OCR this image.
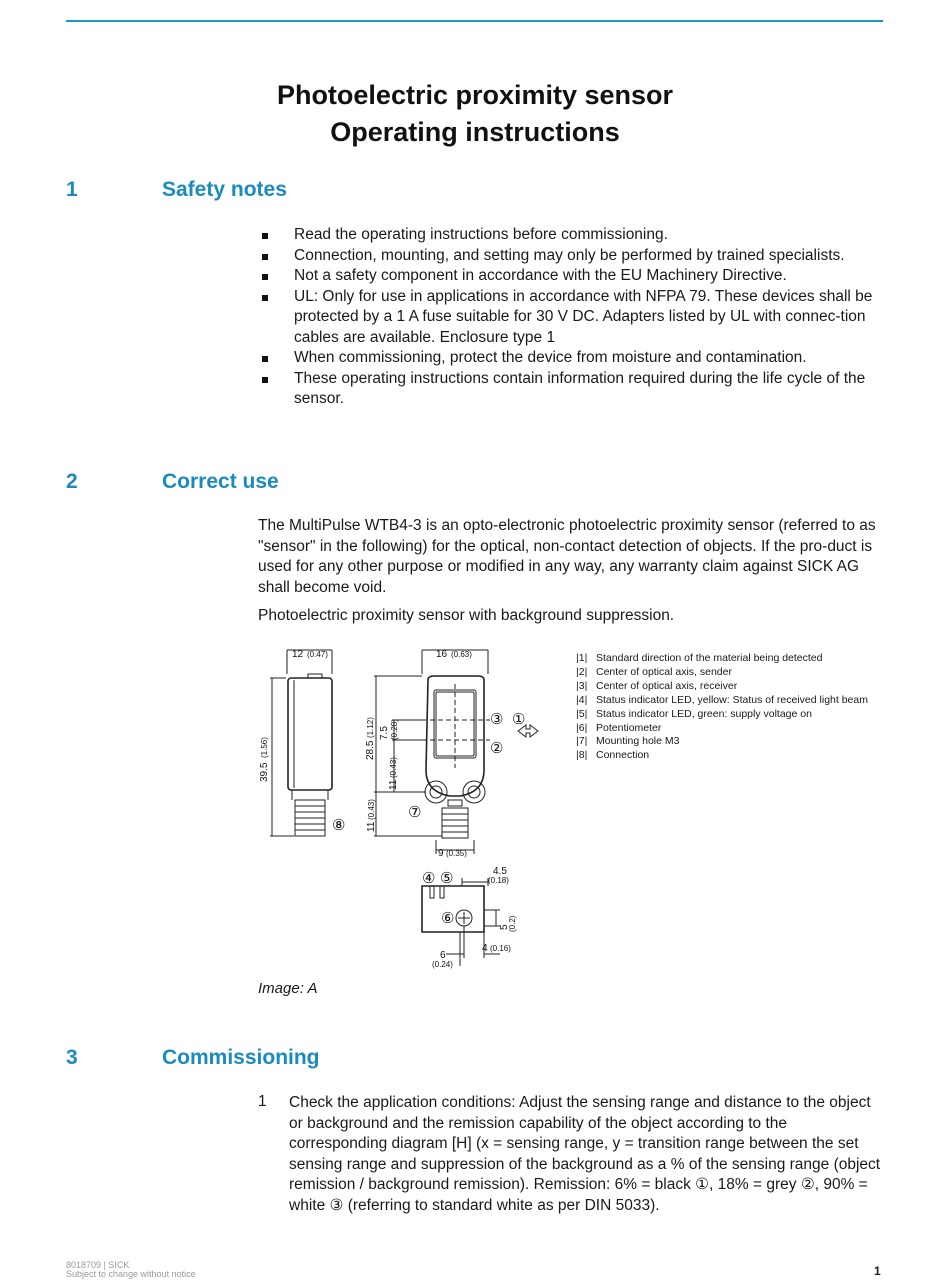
Photoelectric proximity sensor
Operating instructions
1	Safety notes
Read the operating instructions before commissioning.
Connection, mounting, and setting may only be performed by trained specialists.
Not a safety component in accordance with the EU Machinery Directive.
UL: Only for use in applications in accordance with NFPA 79. These devices shall be protected by a 1 A fuse suitable for 30 V DC. Adapters listed by UL with connec-tion cables are available. Enclosure type 1
When commissioning, protect the device from moisture and contamination.
These operating instructions contain information required during the life cycle of the sensor.
2	Correct use

The MultiPulse WTB4-3 is an opto-electronic photoelectric proximity sensor (referred to as "sensor" in the following) for the optical, non-contact detection of objects. If the pro-duct is used for any other purpose or modified in any way, any warranty claim against SICK AG shall become void.

Photoelectric proximity sensor with background suppression.

12 (0.47)	16 (0.63)
39.5
(1.56)	28.5
(1.12) 7.5 (0.28)
11
(0.43)
11
(0.43)
9 (0.35)
4.5
(0.18)
5
(0.2)
4 (0.16)
6
(0.24)
③ ①
②
⑦
⑧
④ ⑤
⑥
|1| Standard direction of the material being detected
|2| Center of optical axis, sender
|3| Center of optical axis, receiver
|4| Status indicator LED, yellow: Status of received light beam
|5| Status indicator LED, green: supply voltage on
|6| Potentiometer
|7| Mounting hole M3
|8| Connection
Image: A
3	Commissioning
1 Check the application conditions: Adjust the sensing range and distance to the object or background and the remission capability of the object according to the corresponding diagram [H] (x = sensing range, y = transition range between the set sensing range and suppression of the background as a % of the sensing range (object remission / background remission). Remission: 6% = black ①, 18% = grey ②, 90% = white ③ (referring to standard white as per DIN 5033).
8018709 | SICK
Subject to change without notice	1
